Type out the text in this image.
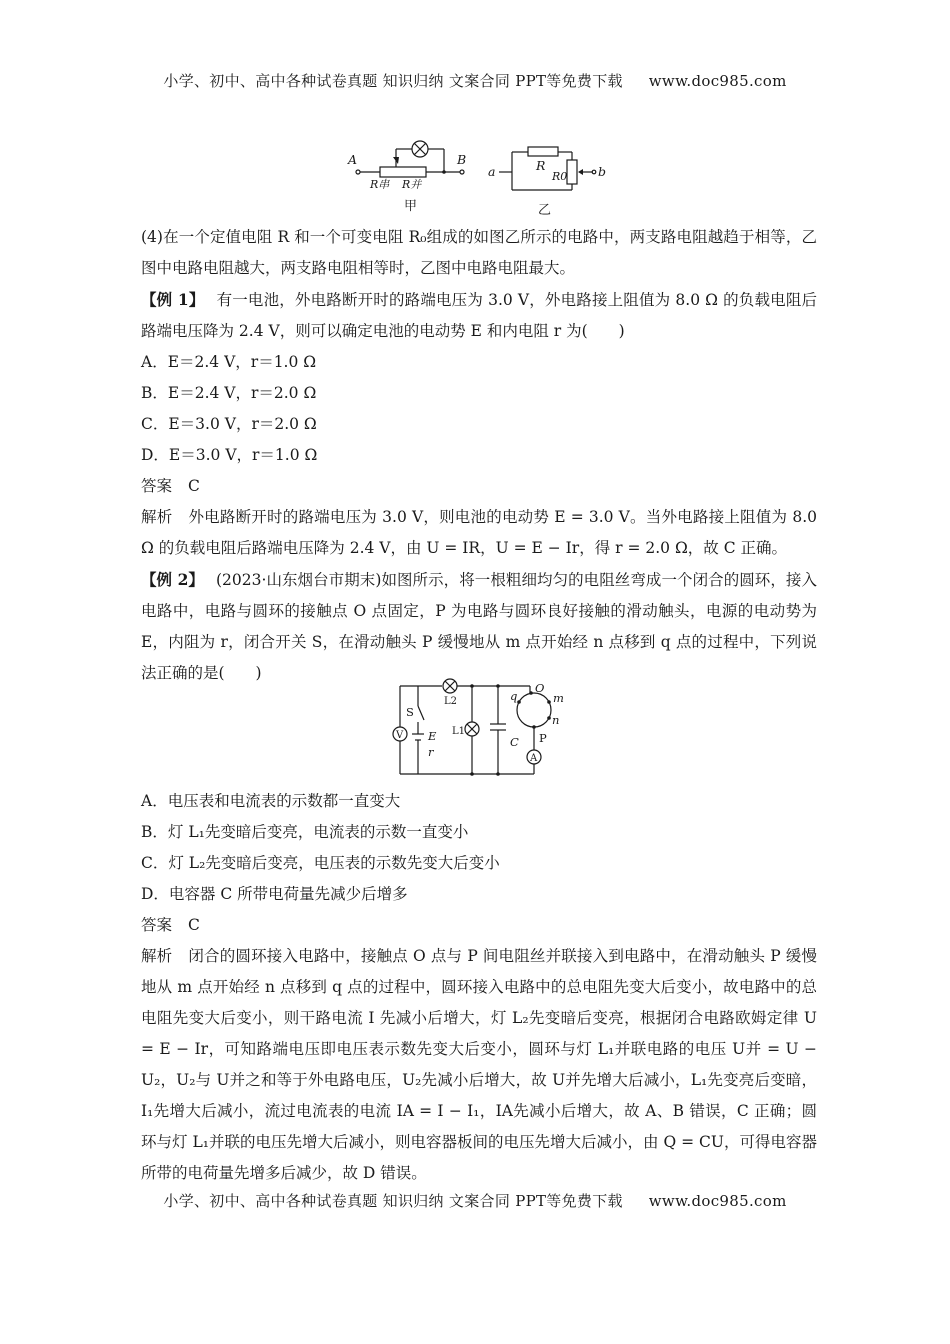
小学、初中、高中各种试卷真题 知识归纳 文案合同 PPT等免费下载 www.doc985.com
A	B
R串 R并
a	b
R
R0
甲	乙

(4)在一个定值电阻 R 和一个可变电阻 R₀组成的如图乙所示的电路中，两支路电阻越趋于相等，乙图中电路电阻越大，两支路电阻相等时，乙图中电路电阻最大。

【例 1】 有一电池，外电路断开时的路端电压为 3.0 V，外电路接上阻值为 8.0 Ω 的负载电阻后路端电压降为 2.4 V，则可以确定电池的电动势 E 和内电阻 r 为(　　)

A．E＝2.4 V，r＝1.0 Ω

B．E＝2.4 V，r＝2.0 Ω

C．E＝3.0 V，r＝2.0 Ω

D．E＝3.0 V，r＝1.0 Ω

答案 C

解析 外电路断开时的路端电压为 3.0 V，则电池的电动势 E = 3.0 V。当外电路接上阻值为 8.0 Ω 的负载电阻后路端电压降为 2.4 V，由 U = IR，U = E − Ir，得 r = 2.0 Ω，故 C 正确。

【例 2】 (2023·山东烟台市期末)如图所示，将一根粗细均匀的电阻丝弯成一个闭合的圆环，接入电路中，电路与圆环的接触点 O 点固定，P 为电路与圆环良好接触的滑动触头，电源的电动势为 E，内阻为 r，闭合开关 S，在滑动触头 P 缓慢地从 m 点开始经 n 点移到 q 点的过程中，下列说法正确的是(　　)

V
A
S
E
r
L2
L1
C
q
O
m
n
P

A．电压表和电流表的示数都一直变大

B．灯 L₁先变暗后变亮，电流表的示数一直变小

C．灯 L₂先变暗后变亮，电压表的示数先变大后变小

D．电容器 C 所带电荷量先减少后增多

答案 C

解析 闭合的圆环接入电路中，接触点 O 点与 P 间电阻丝并联接入到电路中，在滑动触头 P 缓慢地从 m 点开始经 n 点移到 q 点的过程中，圆环接入电路中的总电阻先变大后变小，故电路中的总电阻先变大后变小，则干路电流 I 先减小后增大，灯 L₂先变暗后变亮，根据闭合电路欧姆定律 U = E − Ir，可知路端电压即电压表示数先变大后变小，圆环与灯 L₁并联电路的电压 U并 = U − U₂，U₂与 U并之和等于外电路电压，U₂先减小后增大，故 U并先增大后减小，L₁先变亮后变暗，I₁先增大后减小，流过电流表的电流 IA = I − I₁，IA先减小后增大，故 A、B 错误，C 正确；圆环与灯 L₁并联的电压先增大后减小，则电容器板间的电压先增大后减小，由 Q = CU，可得电容器所带的电荷量先增多后减少，故 D 错误。

小学、初中、高中各种试卷真题 知识归纳 文案合同 PPT等免费下载 www.doc985.com
